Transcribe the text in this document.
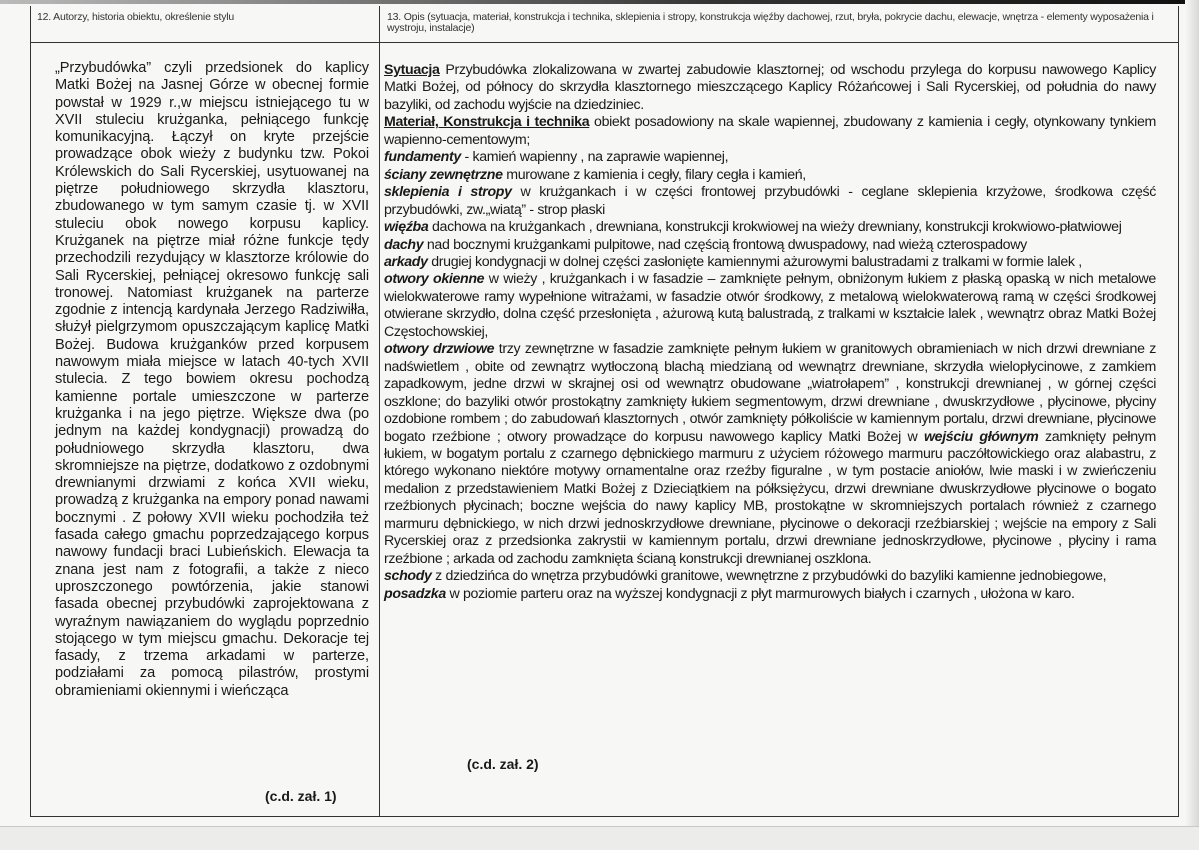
12. Autorzy, historia obiektu, określenie stylu	13. Opis (sytuacja, materiał, konstrukcja i technika, sklepienia i stropy, konstrukcja więźby dachowej, rzut, bryła, pokrycie dachu, elewacje, wnętrza - elementy wyposażenia i wystroju, instalacje)

„Przybudówka” czyli przedsionek do kaplicy Matki Bożej na Jasnej Górze w obecnej formie powstał w 1929 r.,w miejscu istniejącego tu w XVII stuleciu krużganka, pełniącego funkcję komunikacyjną. Łączył on kryte przejście prowadzące obok wieży z budynku tzw. Pokoi Królewskich do Sali Rycerskiej, usytuowanej na piętrze południowego skrzydła klasztoru, zbudowanego w tym samym czasie tj. w XVII stuleciu obok nowego korpusu kaplicy. Krużganek na piętrze miał różne funkcje tędy przechodzili rezydujący w klasztorze królowie do Sali Rycerskiej, pełniącej okresowo funkcję sali tronowej. Natomiast krużganek na parterze zgodnie z intencją kardynała Jerzego Radziwiłła, służył pielgrzymom opuszczającym kaplicę Matki Bożej. Budowa krużganków przed korpusem nawowym miała miejsce w latach 40-tych XVII stulecia. Z tego bowiem okresu pochodzą kamienne portale umieszczone w parterze krużganka i na jego piętrze. Większe dwa (po jednym na każdej kondygnacji) prowadzą do południowego skrzydła klasztoru, dwa skromniejsze na piętrze, dodatkowo z ozdobnymi drewnianymi drzwiami z końca XVII wieku, prowadzą z krużganka na empory ponad nawami bocznymi . Z połowy XVII wieku pochodziła też fasada całego gmachu poprzedzającego korpus nawowy fundacji braci Lubieńskich. Elewacja ta znana jest nam z fotografii, a także z nieco uproszczonego powtórzenia, jakie stanowi fasada obecnej przybudówki zaprojektowana z wyraźnym nawiązaniem do wyglądu poprzednio stojącego w tym miejscu gmachu. Dekoracje tej fasady, z trzema arkadami w parterze, podziałami za pomocą pilastrów, prostymi obramieniami okiennymi i wieńcząca

(c.d. zał. 1)

Sytuacja Przybudówka zlokalizowana w zwartej zabudowie klasztornej; od wschodu przylega do korpusu nawowego Kaplicy Matki Bożej, od północy do skrzydła klasztornego mieszczącego Kaplicy Różańcowej i Sali Rycerskiej, od południa do nawy bazyliki, od zachodu wyjście na dziedziniec.

Materiał, Konstrukcja i technika obiekt posadowiony na skale wapiennej, zbudowany z kamienia i cegły, otynkowany tynkiem wapienno-cementowym;

fundamenty - kamień wapienny , na zaprawie wapiennej,

ściany zewnętrzne murowane z kamienia i cegły, filary cegła i kamień,

sklepienia i stropy w krużgankach i w części frontowej przybudówki - ceglane sklepienia krzyżowe, środkowa część przybudówki, zw.„wiatą” - strop płaski

więźba dachowa na krużgankach , drewniana, konstrukcji krokwiowej na wieży drewniany, konstrukcji krokwiowo-płatwiowej

dachy nad bocznymi krużgankami pulpitowe, nad częścią frontową dwuspadowy, nad wieżą czterospadowy

arkady drugiej kondygnacji w dolnej części zasłonięte kamiennymi ażurowymi balustradami z tralkami w formie lalek ,

otwory okienne w wieży , krużgankach i w fasadzie – zamknięte pełnym, obniżonym łukiem z płaską opaską w nich metalowe wielokwaterowe ramy wypełnione witrażami, w fasadzie otwór środkowy, z metalową wielokwaterową ramą w części środkowej otwierane skrzydło, dolna część przesłonięta , ażurową kutą balustradą, z tralkami w kształcie lalek , wewnątrz obraz Matki Bożej Częstochowskiej,

otwory drzwiowe trzy zewnętrzne w fasadzie zamknięte pełnym łukiem w granitowych obramieniach w nich drzwi drewniane z nadświetlem , obite od zewnątrz wytłoczoną blachą miedzianą od wewnątrz drewniane, skrzydła wielopłycinowe, z zamkiem zapadkowym, jedne drzwi w skrajnej osi od wewnątrz obudowane „wiatrołapem” , konstrukcji drewnianej , w górnej części oszklone; do bazyliki otwór prostokątny zamknięty łukiem segmentowym, drzwi drewniane , dwuskrzydłowe , płycinowe, płyciny ozdobione rombem ; do zabudowań klasztornych , otwór zamknięty półkoliście w kamiennym portalu, drzwi drewniane, płycinowe bogato rzeźbione ; otwory prowadzące do korpusu nawowego kaplicy Matki Bożej w wejściu głównym zamknięty pełnym łukiem, w bogatym portalu z czarnego dębnickiego marmuru z użyciem różowego marmuru paczółtowickiego oraz alabastru, z którego wykonano niektóre motywy ornamentalne oraz rzeźby figuralne , w tym postacie aniołów, lwie maski i w zwieńczeniu medalion z przedstawieniem Matki Bożej z Dzieciątkiem na półksiężycu, drzwi drewniane dwuskrzydłowe płycinowe o bogato rzeźbionych płycinach; boczne wejścia do nawy kaplicy MB, prostokątne w skromniejszych portalach również z czarnego marmuru dębnickiego, w nich drzwi jednoskrzydłowe drewniane, płycinowe o dekoracji rzeźbiarskiej ; wejście na empory z Sali Rycerskiej oraz z przedsionka zakrystii w kamiennym portalu, drzwi drewniane jednoskrzydłowe, płycinowe , płyciny i rama rzeźbione ; arkada od zachodu zamknięta ścianą konstrukcji drewnianej oszklona.

schody z dziedzińca do wnętrza przybudówki granitowe, wewnętrzne z przybudówki do bazyliki kamienne jednobiegowe,

posadzka w poziomie parteru oraz na wyższej kondygnacji z płyt marmurowych białych i czarnych , ułożona w karo.

(c.d. zał. 2)
